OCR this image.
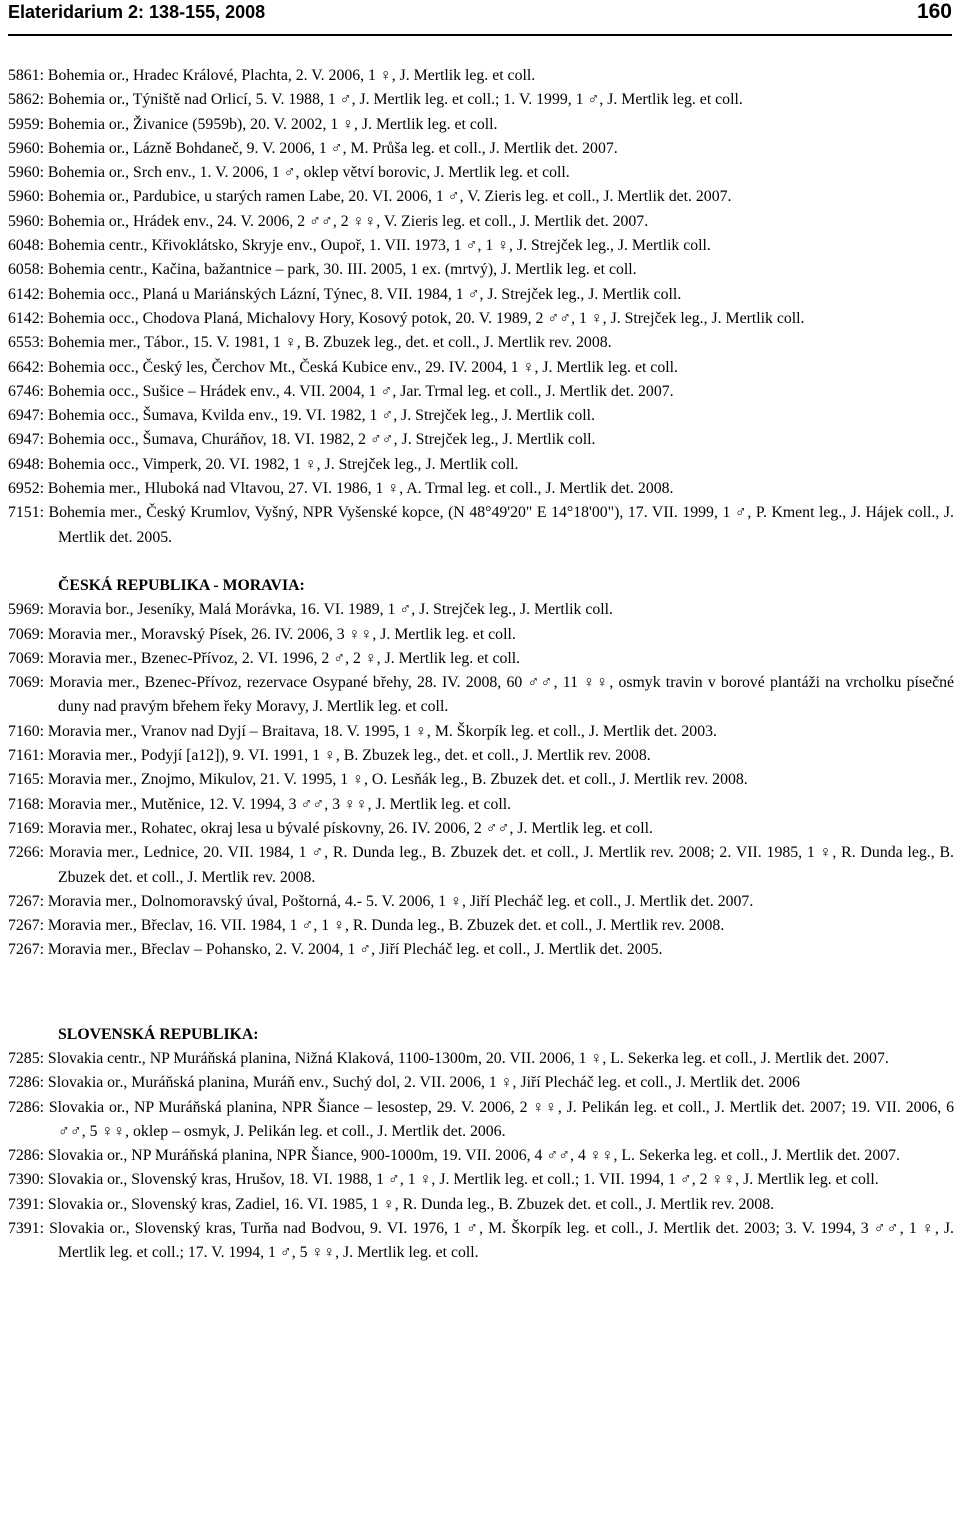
Elateridarium 2: 138-155, 2008	160
5861: Bohemia or., Hradec Králové, Plachta, 2. V. 2006, 1 ♀, J. Mertlik leg. et coll.
5862: Bohemia or., Týniště nad Orlicí, 5. V. 1988, 1 ♂, J. Mertlik leg. et coll.; 1. V. 1999, 1 ♂, J. Mertlik leg. et coll.
5959: Bohemia or., Živanice (5959b), 20. V. 2002, 1 ♀, J. Mertlik leg. et coll.
5960: Bohemia or., Lázně Bohdaneč, 9. V. 2006, 1 ♂, M. Průša leg. et coll., J. Mertlik det. 2007.
5960: Bohemia or., Srch env., 1. V. 2006, 1 ♂, oklep větví borovic, J. Mertlik leg. et coll.
5960: Bohemia or., Pardubice, u starých ramen Labe, 20. VI. 2006, 1 ♂, V. Zieris leg. et coll., J. Mertlik det. 2007.
5960: Bohemia or., Hrádek env., 24. V. 2006, 2 ♂♂, 2 ♀♀, V. Zieris leg. et coll., J. Mertlik det. 2007.
6048: Bohemia centr., Křivoklátsko, Skryje env., Oupoř, 1. VII. 1973, 1 ♂, 1 ♀, J. Strejček leg., J. Mertlik coll.
6058: Bohemia centr., Kačina, bažantnice – park, 30. III. 2005, 1 ex. (mrtvý), J. Mertlik leg. et coll.
6142: Bohemia occ., Planá u Mariánských Lázní, Týnec, 8. VII. 1984, 1 ♂, J. Strejček leg., J. Mertlik coll.
6142: Bohemia occ., Chodova Planá, Michalovy Hory, Kosový potok, 20. V. 1989, 2 ♂♂, 1 ♀, J. Strejček leg., J. Mertlik coll.
6553: Bohemia mer., Tábor., 15. V. 1981, 1 ♀, B. Zbuzek leg., det. et coll., J. Mertlik rev. 2008.
6642: Bohemia occ., Český les, Čerchov Mt., Česká Kubice env., 29. IV. 2004, 1 ♀, J. Mertlik leg. et coll.
6746: Bohemia occ., Sušice – Hrádek env., 4. VII. 2004, 1 ♂, Jar. Trmal leg. et coll., J. Mertlik det. 2007.
6947: Bohemia occ., Šumava, Kvilda env., 19. VI. 1982, 1 ♂, J. Strejček leg., J. Mertlik coll.
6947: Bohemia occ., Šumava, Churáňov, 18. VI. 1982, 2 ♂♂, J. Strejček leg., J. Mertlik coll.
6948: Bohemia occ., Vimperk, 20. VI. 1982, 1 ♀, J. Strejček leg., J. Mertlik coll.
6952: Bohemia mer., Hluboká nad Vltavou, 27. VI. 1986, 1 ♀, A. Trmal leg. et coll., J. Mertlik det. 2008.
7151: Bohemia mer., Český Krumlov, Vyšný, NPR Vyšenské kopce, (N 48°49'20" E 14°18'00"), 17. VII. 1999, 1 ♂, P. Kment leg., J. Hájek coll., J. Mertlik det. 2005.
ČESKÁ REPUBLIKA - MORAVIA:
5969: Moravia bor., Jeseníky, Malá Morávka, 16. VI. 1989, 1 ♂, J. Strejček leg., J. Mertlik coll.
7069: Moravia mer., Moravský Písek, 26. IV. 2006, 3 ♀♀, J. Mertlik leg. et coll.
7069: Moravia mer., Bzenec-Přívoz, 2. VI. 1996, 2 ♂, 2 ♀, J. Mertlik leg. et coll.
7069: Moravia mer., Bzenec-Přívoz, rezervace Osypané břehy, 28. IV. 2008, 60 ♂♂, 11 ♀♀, osmyk travin v borové plantáži na vrcholku písečné duny nad pravým břehem řeky Moravy, J. Mertlik leg. et coll.
7160: Moravia mer., Vranov nad Dyjí – Braitava, 18. V. 1995, 1 ♀, M. Škorpík leg. et coll., J. Mertlik det. 2003.
7161: Moravia mer., Podyjí [a12]), 9. VI. 1991, 1 ♀, B. Zbuzek leg., det. et coll., J. Mertlik rev. 2008.
7165: Moravia mer., Znojmo, Mikulov, 21. V. 1995, 1 ♀, O. Lesňák leg., B. Zbuzek det. et coll., J. Mertlik rev. 2008.
7168: Moravia mer., Mutěnice, 12. V. 1994, 3 ♂♂, 3 ♀♀, J. Mertlik leg. et coll.
7169: Moravia mer., Rohatec, okraj lesa u bývalé pískovny, 26. IV. 2006, 2 ♂♂, J. Mertlik leg. et coll.
7266: Moravia mer., Lednice, 20. VII. 1984, 1 ♂, R. Dunda leg., B. Zbuzek det. et coll., J. Mertlik rev. 2008; 2. VII. 1985, 1 ♀, R. Dunda leg., B. Zbuzek det. et coll., J. Mertlik rev. 2008.
7267: Moravia mer., Dolnomoravský úval, Poštorná, 4.- 5. V. 2006, 1 ♀, Jiří Plecháč leg. et coll., J. Mertlik det. 2007.
7267: Moravia mer., Břeclav, 16. VII. 1984, 1 ♂, 1 ♀, R. Dunda leg., B. Zbuzek det. et coll., J. Mertlik rev. 2008.
7267: Moravia mer., Břeclav – Pohansko, 2. V. 2004, 1 ♂, Jiří Plecháč leg. et coll., J. Mertlik det. 2005.
SLOVENSKÁ REPUBLIKA:
7285: Slovakia centr., NP Muráňská planina, Nižná Klaková, 1100-1300m, 20. VII. 2006, 1 ♀, L. Sekerka leg. et coll., J. Mertlik det. 2007.
7286: Slovakia or., Muráňská planina, Muráň env., Suchý dol, 2. VII. 2006, 1 ♀, Jiří Plecháč leg. et coll., J. Mertlik det. 2006
7286: Slovakia or., NP Muráňská planina, NPR Šiance – lesostep, 29. V. 2006, 2 ♀♀, J. Pelikán leg. et coll., J. Mertlik det. 2007; 19. VII. 2006, 6 ♂♂, 5 ♀♀, oklep – osmyk, J. Pelikán leg. et coll., J. Mertlik det. 2006.
7286: Slovakia or., NP Muráňská planina, NPR Šiance, 900-1000m, 19. VII. 2006, 4 ♂♂, 4 ♀♀, L. Sekerka leg. et coll., J. Mertlik det. 2007.
7390: Slovakia or., Slovenský kras, Hrušov, 18. VI. 1988, 1 ♂, 1 ♀, J. Mertlik leg. et coll.; 1. VII. 1994, 1 ♂, 2 ♀♀, J. Mertlik leg. et coll.
7391: Slovakia or., Slovenský kras, Zadiel, 16. VI. 1985, 1 ♀, R. Dunda leg., B. Zbuzek det. et coll., J. Mertlik rev. 2008.
7391: Slovakia or., Slovenský kras, Turňa nad Bodvou, 9. VI. 1976, 1 ♂, M. Škorpík leg. et coll., J. Mertlik det. 2003; 3. V. 1994, 3 ♂♂, 1 ♀, J. Mertlik leg. et coll.; 17. V. 1994, 1 ♂, 5 ♀♀, J. Mertlik leg. et coll.
